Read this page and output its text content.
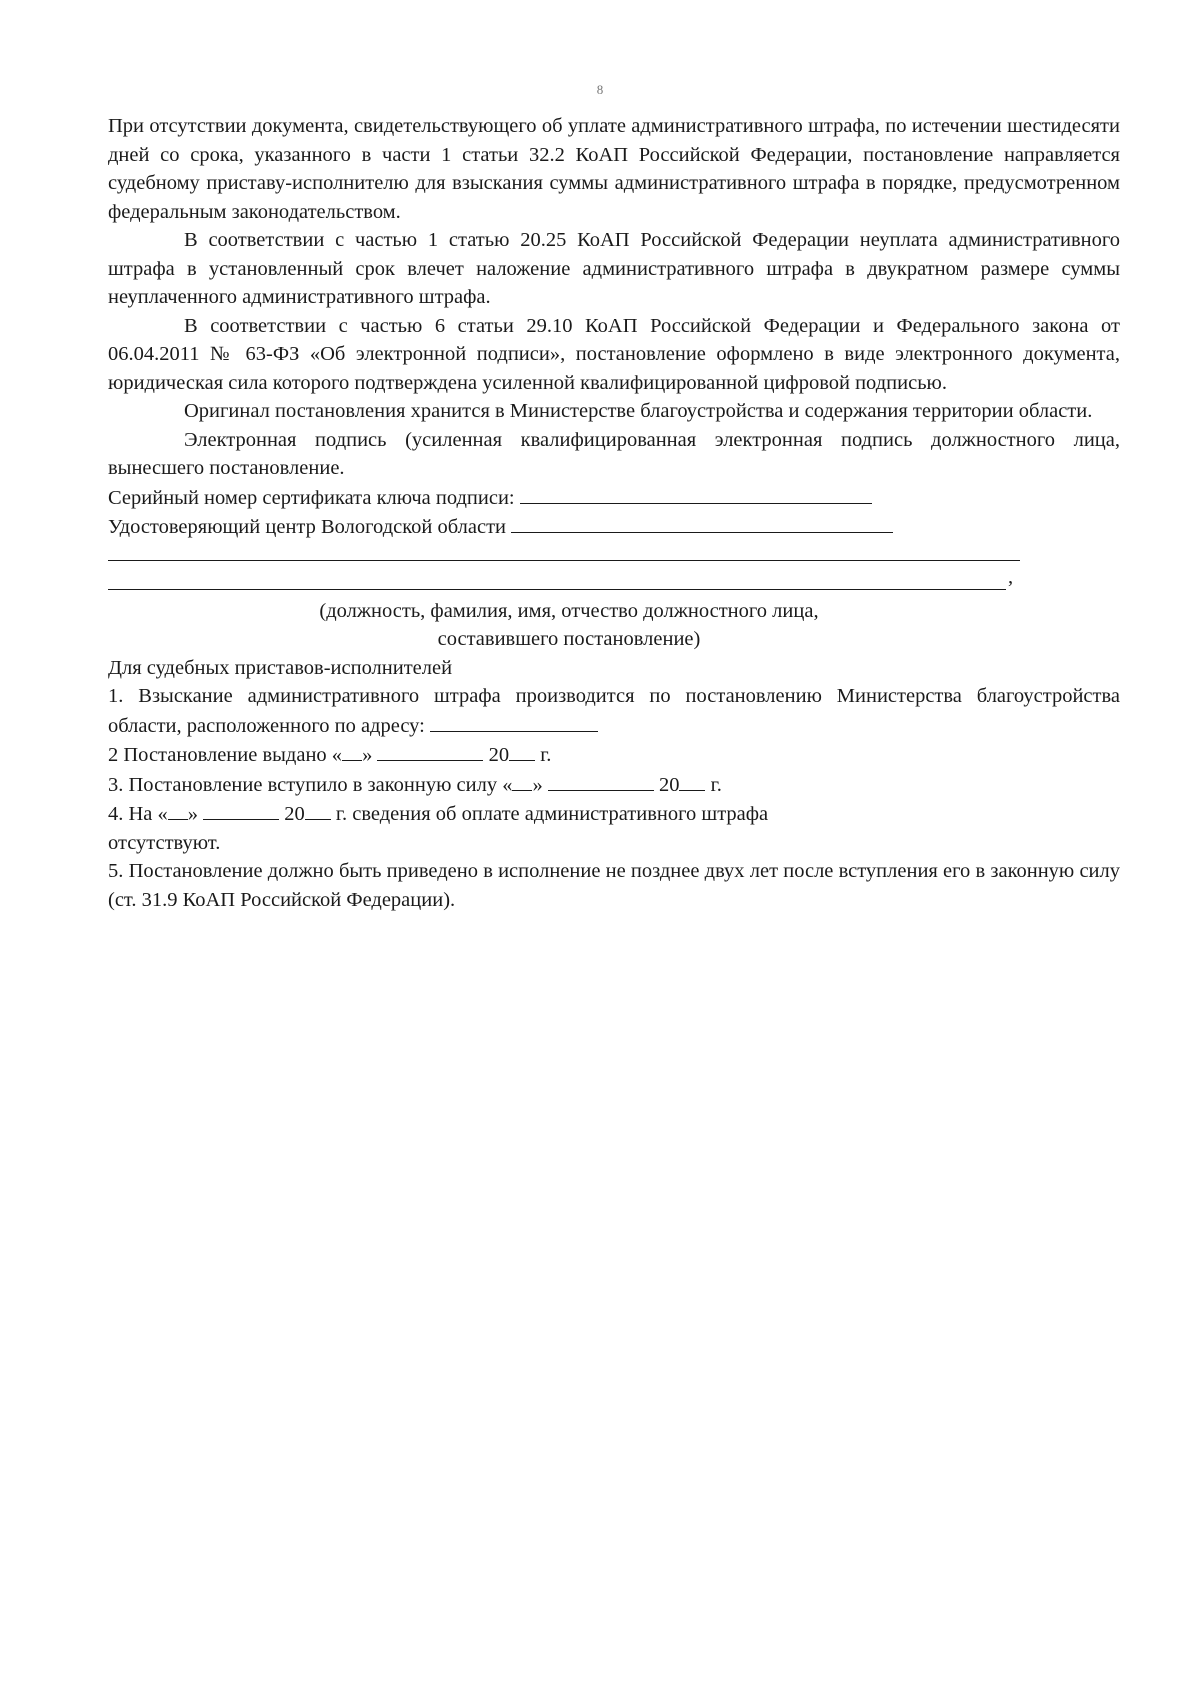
8

При отсутствии документа, свидетельствующего об уплате административного штрафа, по истечении шестидесяти дней со срока, указанного в части 1 статьи 32.2 КоАП Российской Федерации, постановление направляется судебному приставу-исполнителю для взыскания суммы административного штрафа в порядке, предусмотренном федеральным законодательством.

В соответствии с частью 1 статью 20.25 КоАП Российской Федерации неуплата административного штрафа в установленный срок влечет наложение административного штрафа в двукратном размере суммы неуплаченного административного штрафа.

В соответствии с частью 6 статьи 29.10 КоАП Российской Федерации и Федерального закона от 06.04.2011 № 63-ФЗ «Об электронной подписи», постановление оформлено в виде электронного документа, юридическая сила которого подтверждена усиленной квалифицированной цифровой подписью.

Оригинал постановления хранится в Министерстве благоустройства и содержания территории области.

Электронная подпись (усиленная квалифицированная электронная подпись должностного лица, вынесшего постановление.

Серийный номер сертификата ключа подписи:

Удостоверяющий центр Вологодской области

,

(должность, фамилия, имя, отчество должностного лица,

составившего постановление)

Для судебных приставов-исполнителей

1. Взыскание административного штрафа производится по постановлению Министерства благоустройства области, расположенного по адресу:

2 Постановление выдано « »	20 г.

3. Постановление вступило в законную силу « »	20 г.

4. На « »	20 г. сведения об оплате административного штрафа

отсутствуют.

5. Постановление должно быть приведено в исполнение не позднее двух лет после вступления его в законную силу (ст. 31.9 КоАП Российской Федерации).
